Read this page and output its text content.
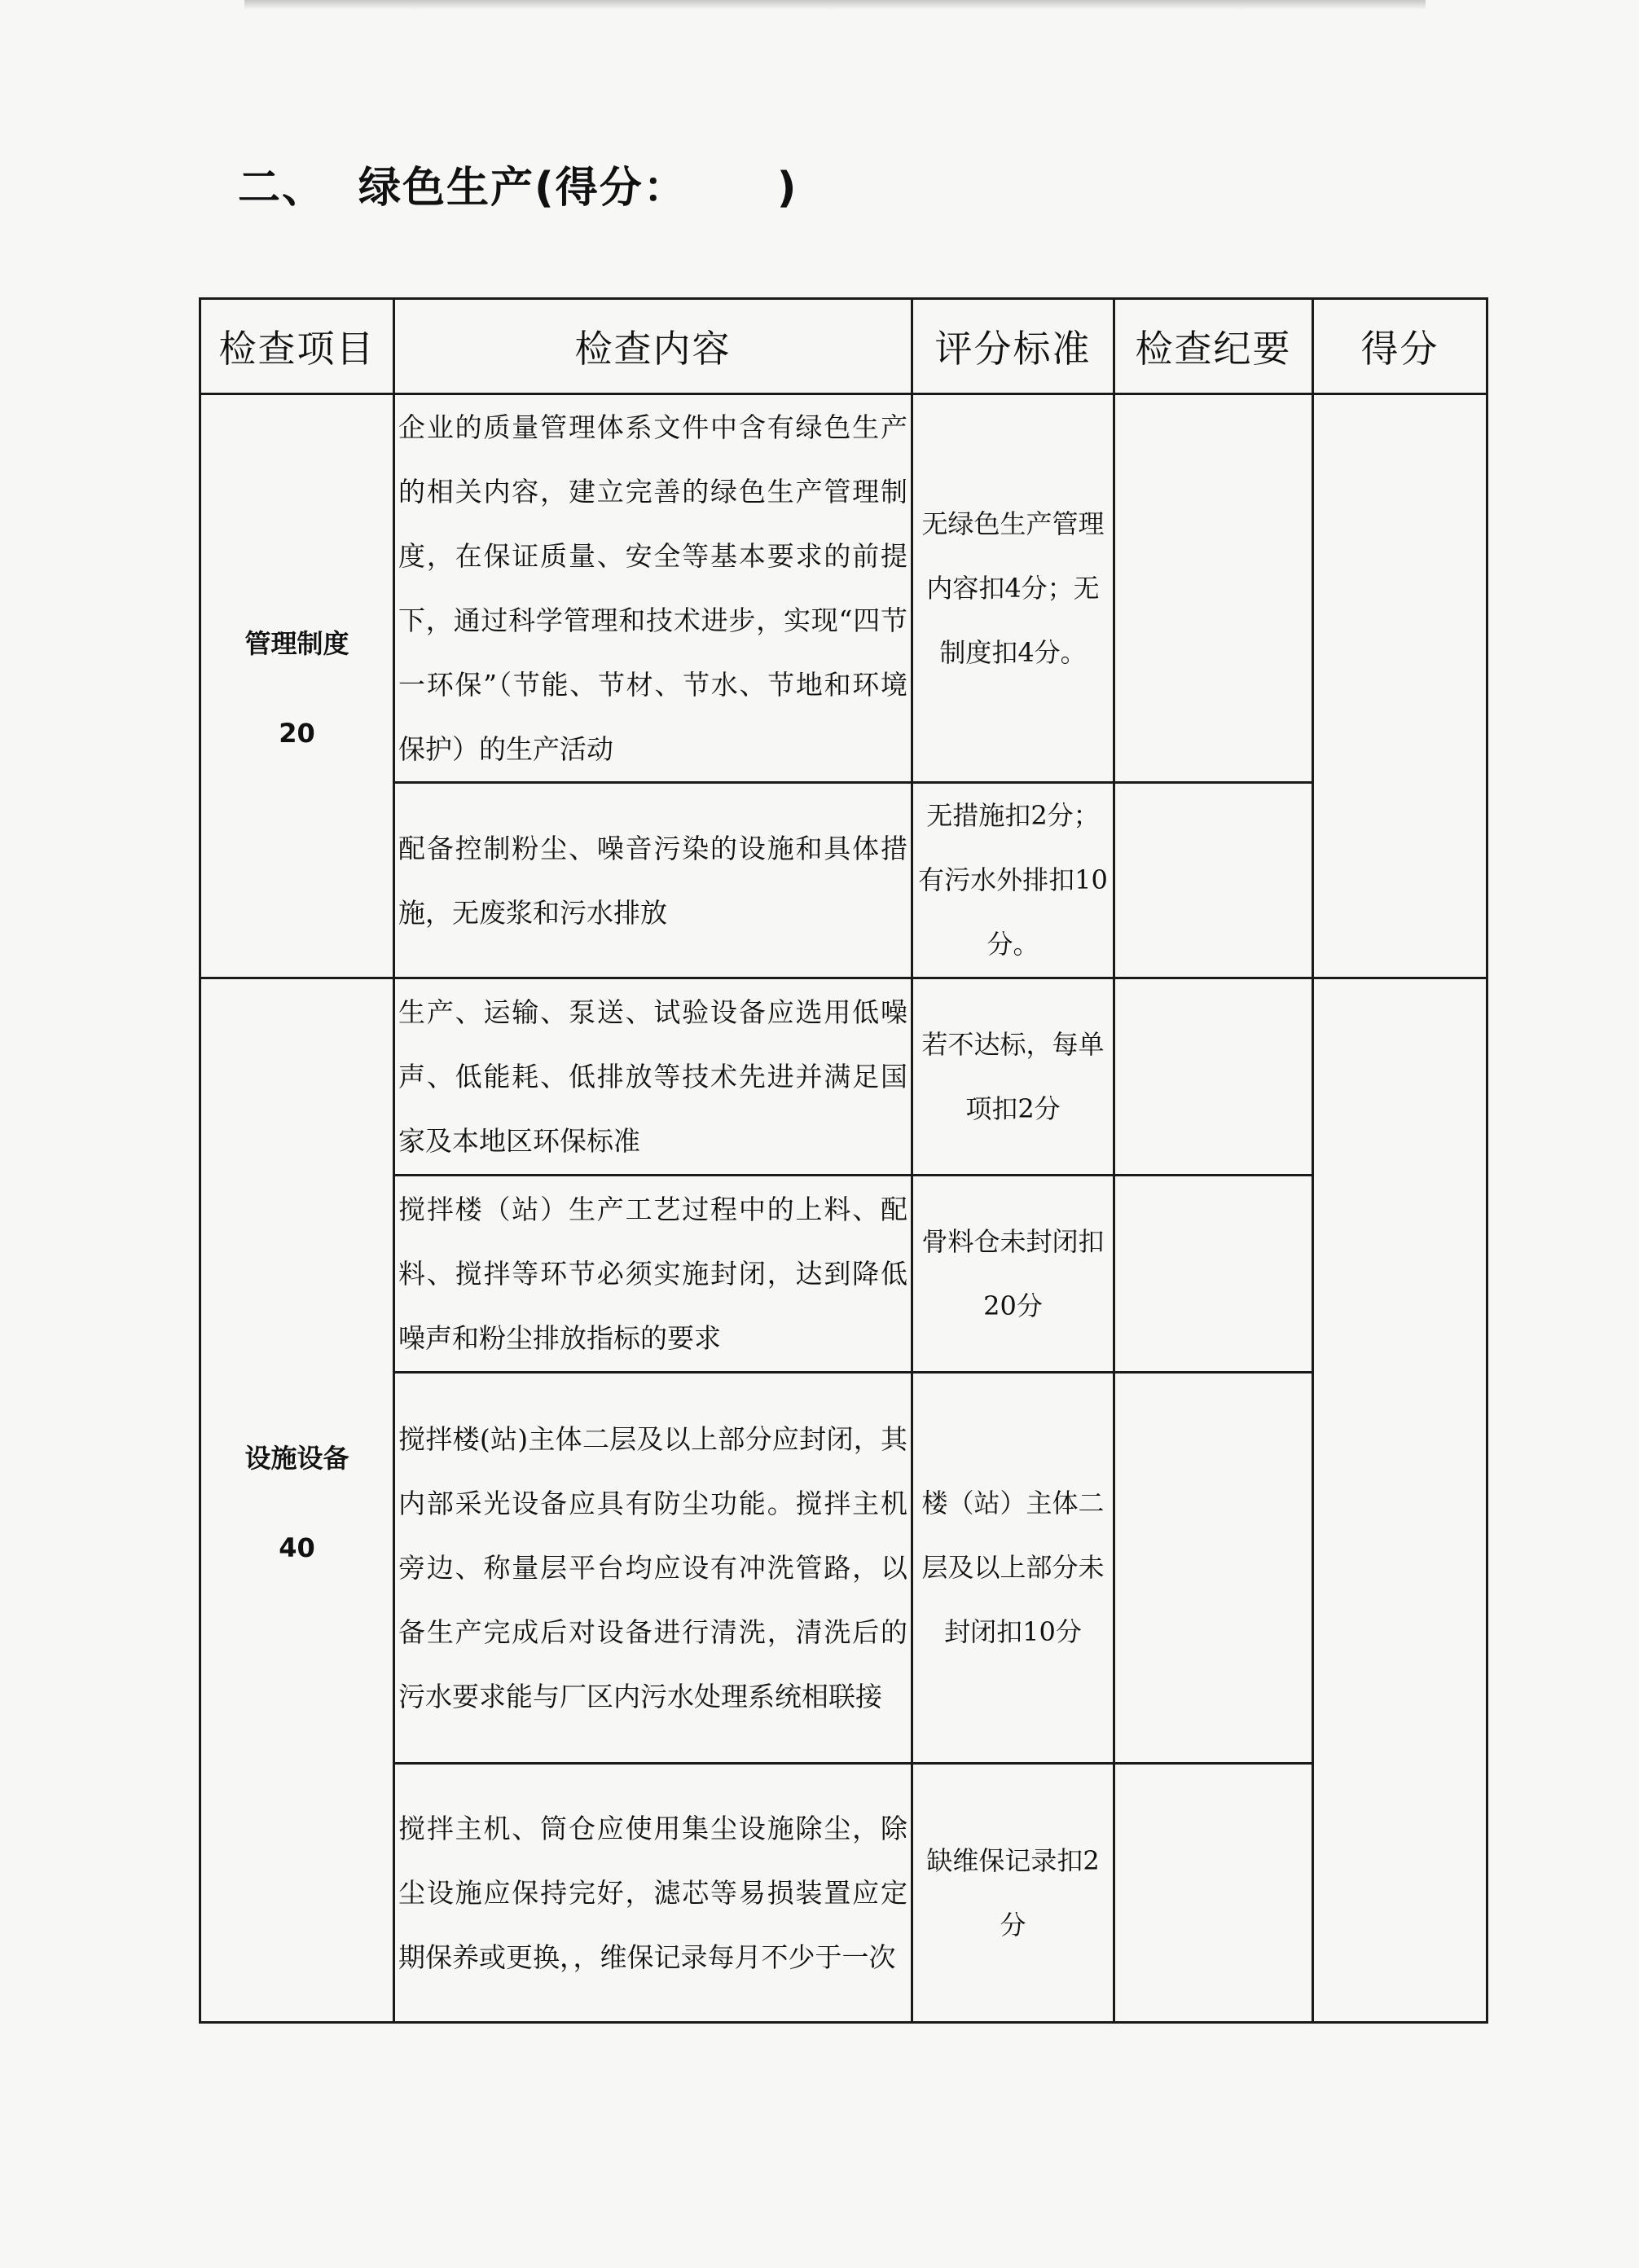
二、 绿色生产(得分： )
检查项目	检查内容	评分标准	检查纪要	得分

管理制度
20	企业的质量管理体系文件中含有绿色生产的相关内容，建立完善的绿色生产管理制度，在保证质量、安全等基本要求的前提下，通过科学管理和技术进步，实现“四节一环保”（节能、节材、节水、节地和环境保护）的生产活动	无绿色生产管理内容扣4分；无制度扣4分。		
	配备控制粉尘、噪音污染的设施和具体措施，无废浆和污水排放	无措施扣2分；有污水外排扣10分。		

设施设备
40	生产、运输、泵送、试验设备应选用低噪声、低能耗、低排放等技术先进并满足国家及本地区环保标准	若不达标，每单项扣2分		
	搅拌楼（站）生产工艺过程中的上料、配料、搅拌等环节必须实施封闭，达到降低噪声和粉尘排放指标的要求	骨料仓未封闭扣20分		
	搅拌楼(站)主体二层及以上部分应封闭，其内部采光设备应具有防尘功能。搅拌主机旁边、称量层平台均应设有冲洗管路，以备生产完成后对设备进行清洗，清洗后的污水要求能与厂区内污水处理系统相联接	楼（站）主体二层及以上部分未封闭扣10分		
	搅拌主机、筒仓应使用集尘设施除尘，除尘设施应保持完好，滤芯等易损装置应定期保养或更换，，维保记录每月不少于一次	缺维保记录扣2分		
